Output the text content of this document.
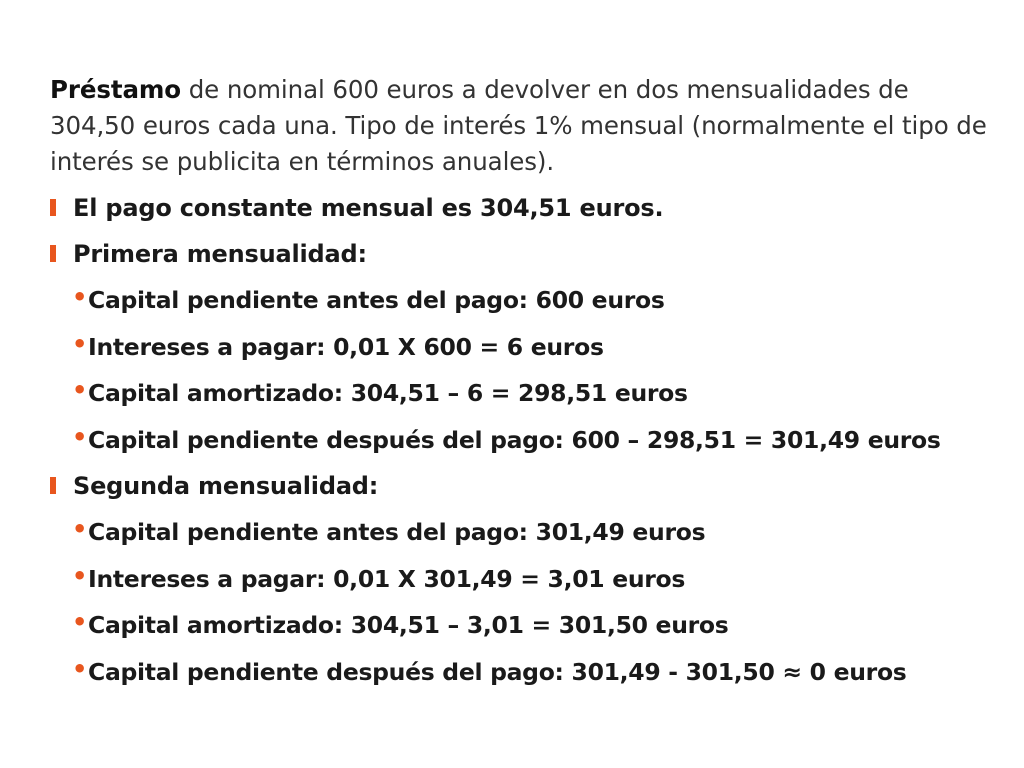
Préstamo de nominal 600 euros a devolver en dos mensualidades de 304,50 euros cada una. Tipo de interés 1% mensual (normalmente el tipo de interés se publicita en términos anuales).

El pago constante mensual es 304,51 euros.
Primera mensualidad:
• Capital pendiente antes del pago: 600 euros
• Intereses a pagar: 0,01 X 600 = 6 euros
• Capital amortizado: 304,51 – 6 = 298,51 euros
• Capital pendiente después del pago: 600 – 298,51 = 301,49 euros
Segunda mensualidad:
• Capital pendiente antes del pago: 301,49 euros
• Intereses a pagar: 0,01 X 301,49 = 3,01 euros
• Capital amortizado: 304,51 – 3,01 = 301,50 euros
• Capital pendiente después del pago: 301,49 - 301,50 ≈ 0 euros
